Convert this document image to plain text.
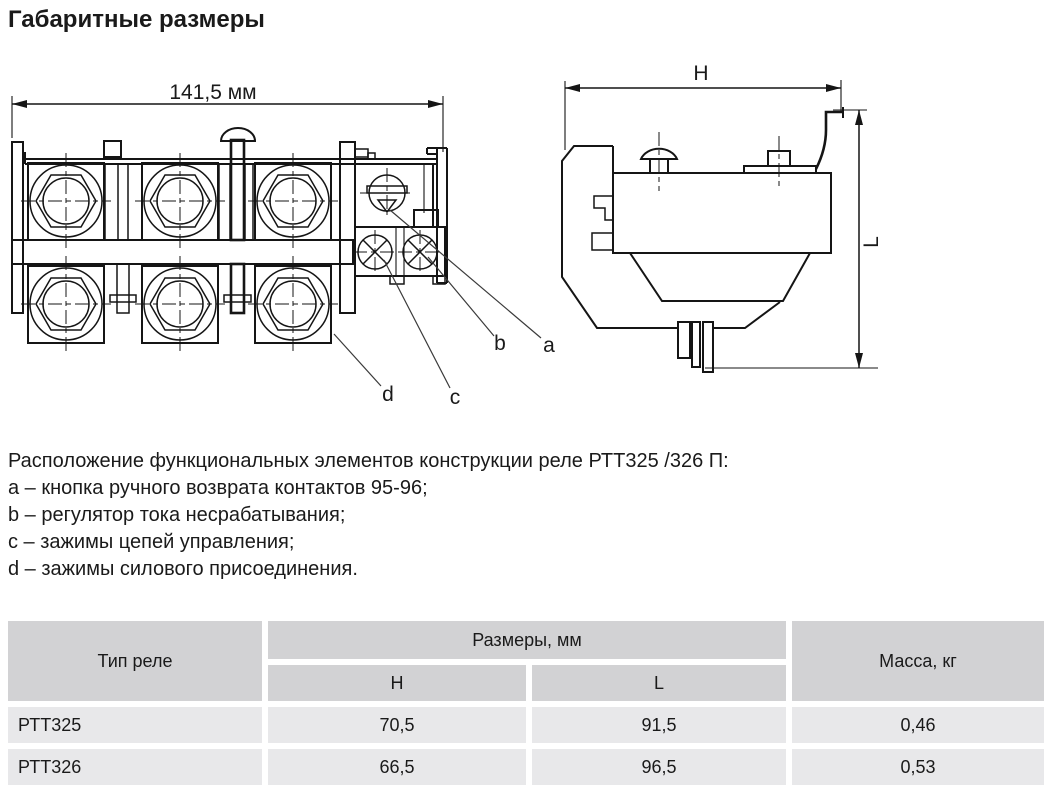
Габаритные размеры
141,5 мм
a
b
c
d
H
L

Расположение функциональных элементов конструкции реле РТТ325 /326 П:

a – кнопка ручного возврата контактов 95-96;

b – регулятор тока несрабатывания;

c – зажимы цепей управления;

d – зажимы силового присоединения.

Тип реле
Размеры, мм
Масса, кг
H	L
РТТ325	70,5	91,5	0,46
РТТ326	66,5	96,5	0,53
